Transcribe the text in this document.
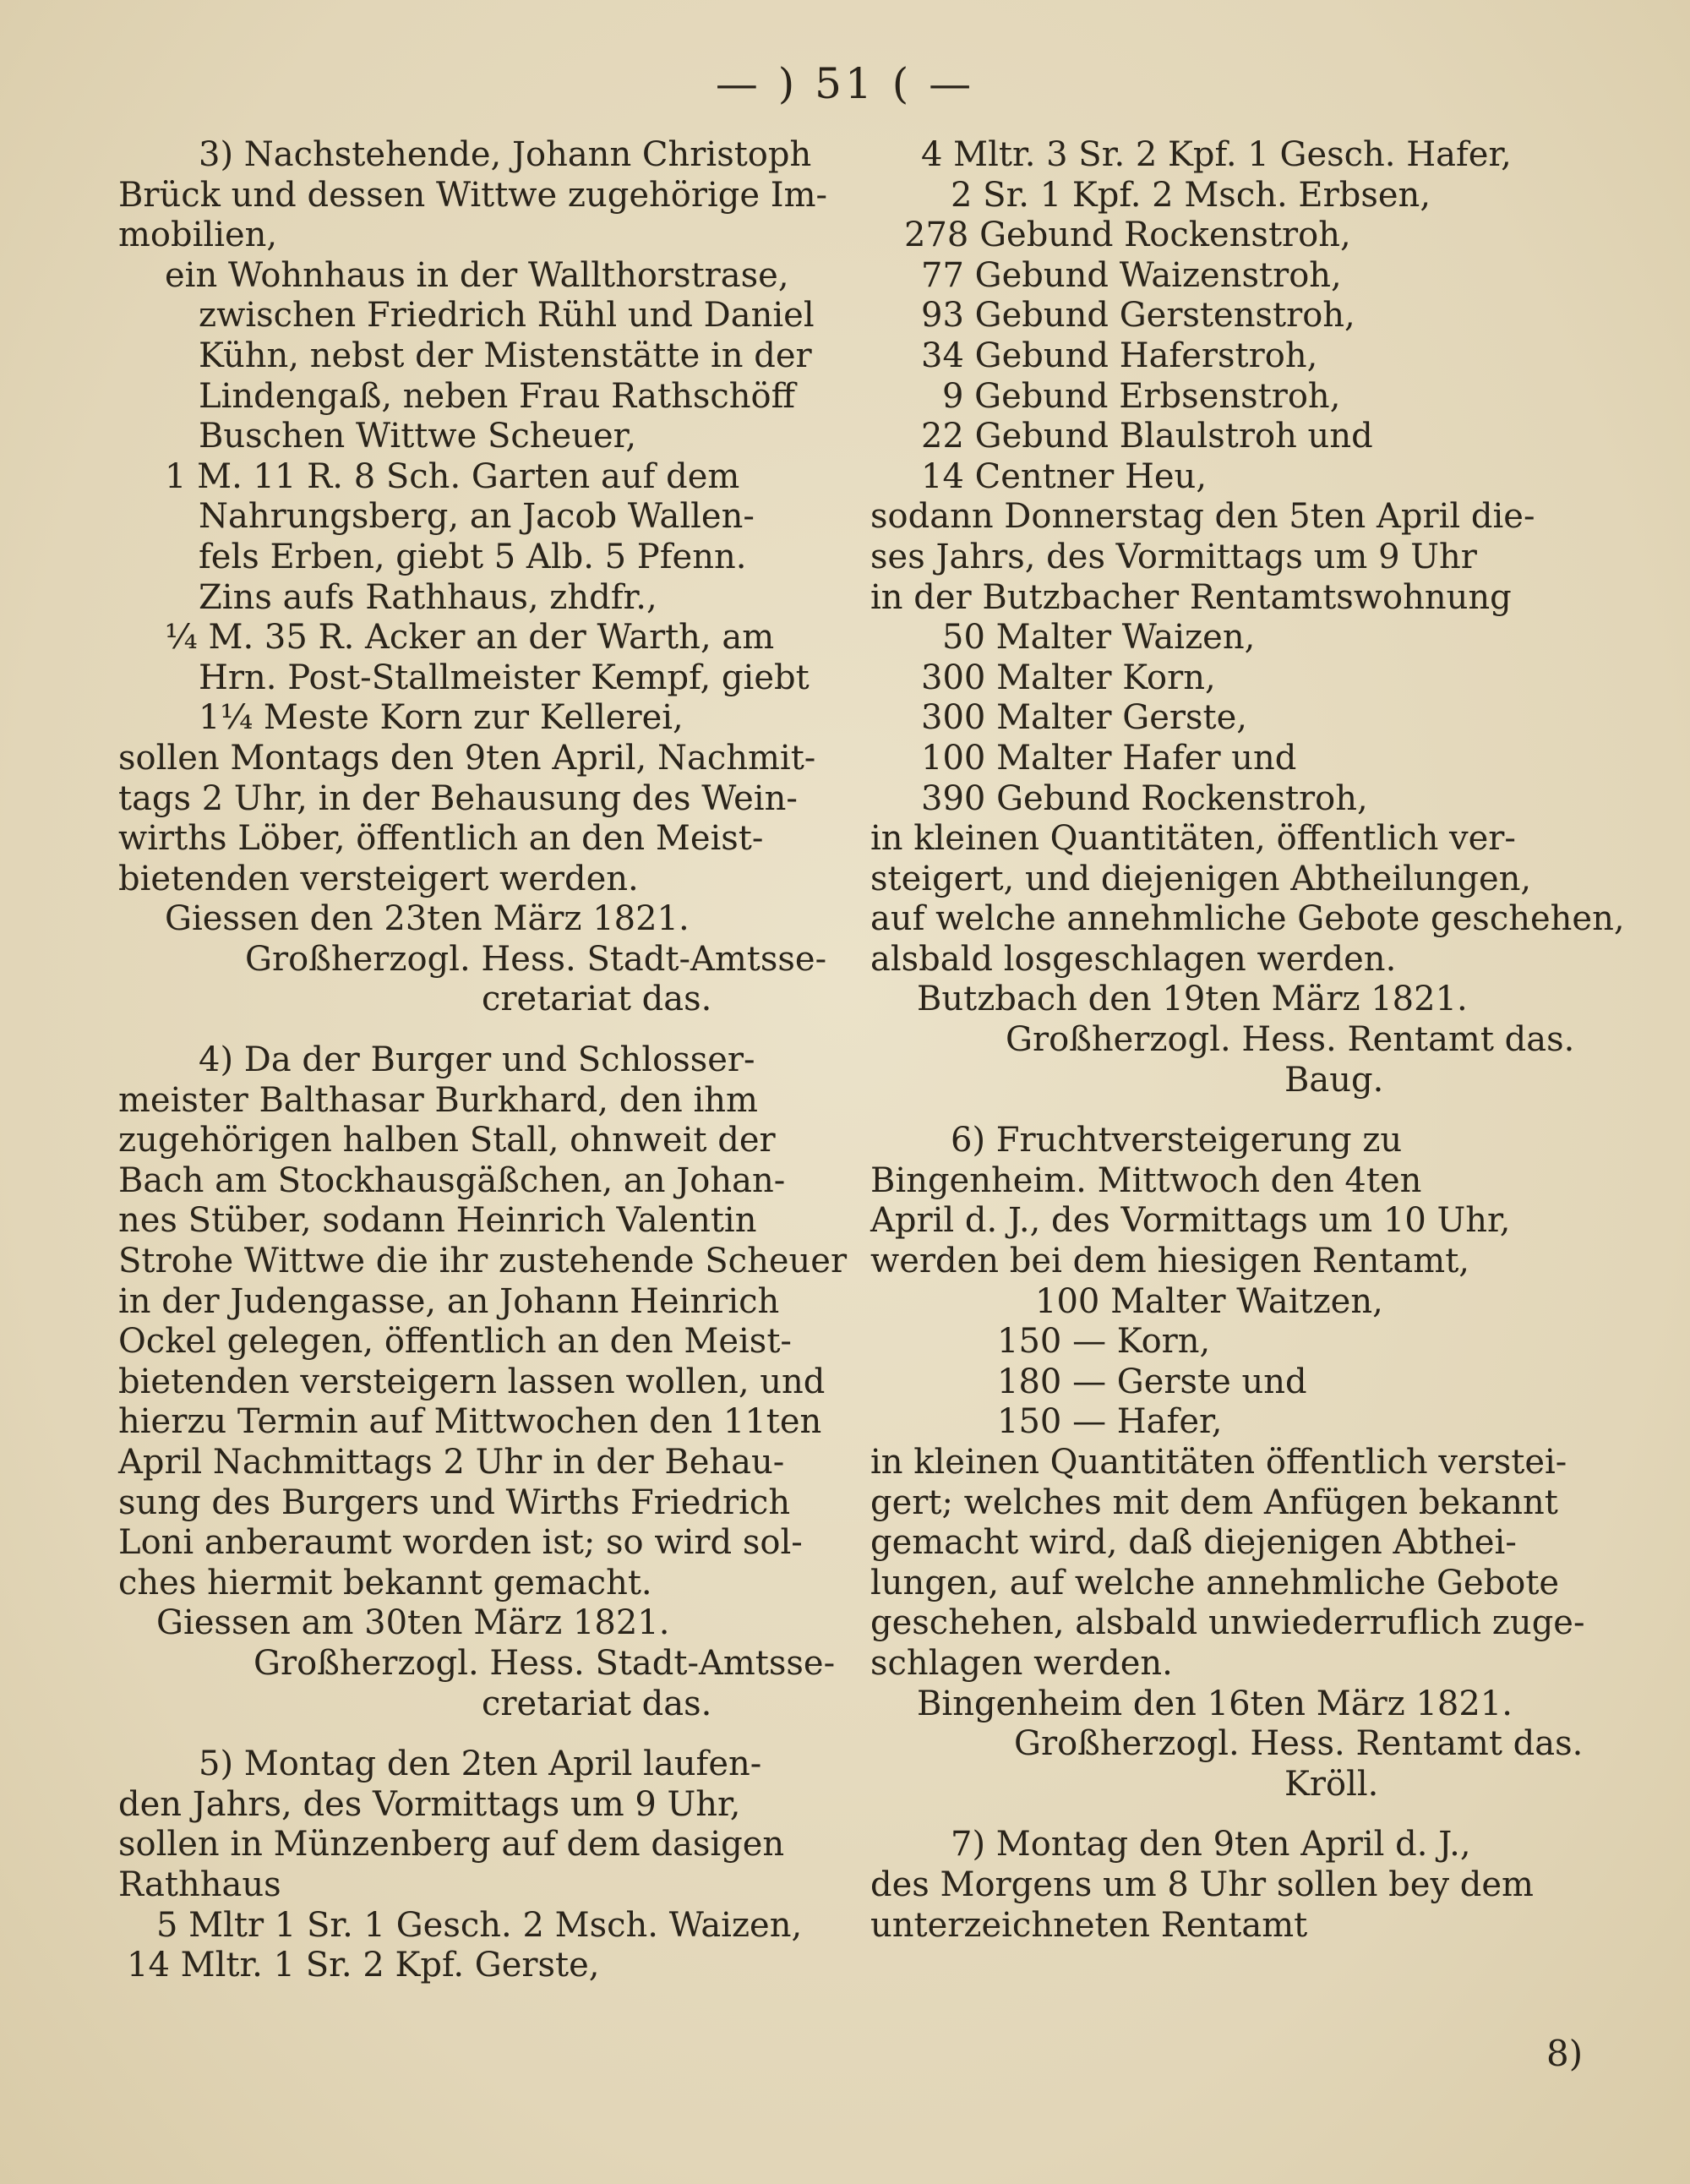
— ) 51 ( —
3) Nachstehende, Johann Christoph
Brück und dessen Wittwe zugehörige Im-
mobilien,
ein Wohnhaus in der Wallthorstrase,
zwischen Friedrich Rühl und Daniel
Kühn, nebst der Mistenstätte in der
Lindengaß, neben Frau Rathschöff
Buschen Wittwe Scheuer,
1 M. 11 R. 8 Sch. Garten auf dem
Nahrungsberg, an Jacob Wallen-
fels Erben, giebt 5 Alb. 5 Pfenn.
Zins aufs Rathhaus, zhdfr.,
¼ M. 35 R. Acker an der Warth, am
Hrn. Post-Stallmeister Kempf, giebt
1¼ Meste Korn zur Kellerei,
sollen Montags den 9ten April, Nachmit-
tags 2 Uhr, in der Behausung des Wein-
wirths Löber, öffentlich an den Meist-
bietenden versteigert werden.
Giessen den 23ten März 1821.
Großherzogl. Hess. Stadt-Amtsse-
cretariat das.
4) Da der Burger und Schlosser-
meister Balthasar Burkhard, den ihm
zugehörigen halben Stall, ohnweit der
Bach am Stockhausgäßchen, an Johan-
nes Stüber, sodann Heinrich Valentin
Strohe Wittwe die ihr zustehende Scheuer
in der Judengasse, an Johann Heinrich
Ockel gelegen, öffentlich an den Meist-
bietenden versteigern lassen wollen, und
hierzu Termin auf Mittwochen den 11ten
April Nachmittags 2 Uhr in der Behau-
sung des Burgers und Wirths Friedrich
Loni anberaumt worden ist; so wird sol-
ches hiermit bekannt gemacht.
Giessen am 30ten März 1821.
Großherzogl. Hess. Stadt-Amtsse-
cretariat das.
5) Montag den 2ten April laufen-
den Jahrs, des Vormittags um 9 Uhr,
sollen in Münzenberg auf dem dasigen
Rathhaus
5 Mltr 1 Sr. 1 Gesch. 2 Msch. Waizen,
14 Mltr. 1 Sr. 2 Kpf. Gerste,
4 Mltr. 3 Sr. 2 Kpf. 1 Gesch. Hafer,
2 Sr. 1 Kpf. 2 Msch. Erbsen,
278 Gebund Rockenstroh,
77 Gebund Waizenstroh,
93 Gebund Gerstenstroh,
34 Gebund Haferstroh,
9 Gebund Erbsenstroh,
22 Gebund Blaulstroh und
14 Centner Heu,
sodann Donnerstag den 5ten April die-
ses Jahrs, des Vormittags um 9 Uhr
in der Butzbacher Rentamtswohnung
50 Malter Waizen,
300 Malter Korn,
300 Malter Gerste,
100 Malter Hafer und
390 Gebund Rockenstroh,
in kleinen Quantitäten, öffentlich ver-
steigert, und diejenigen Abtheilungen,
auf welche annehmliche Gebote geschehen,
alsbald losgeschlagen werden.
Butzbach den 19ten März 1821.
Großherzogl. Hess. Rentamt das.
Baug.
6) Fruchtversteigerung zu
Bingenheim. Mittwoch den 4ten
April d. J., des Vormittags um 10 Uhr,
werden bei dem hiesigen Rentamt,
100 Malter Waitzen,
150 — Korn,
180 — Gerste und
150 — Hafer,
in kleinen Quantitäten öffentlich verstei-
gert; welches mit dem Anfügen bekannt
gemacht wird, daß diejenigen Abthei-
lungen, auf welche annehmliche Gebote
geschehen, alsbald unwiederruflich zuge-
schlagen werden.
Bingenheim den 16ten März 1821.
Großherzogl. Hess. Rentamt das.
Kröll.
7) Montag den 9ten April d. J.,
des Morgens um 8 Uhr sollen bey dem
unterzeichneten Rentamt
8)
